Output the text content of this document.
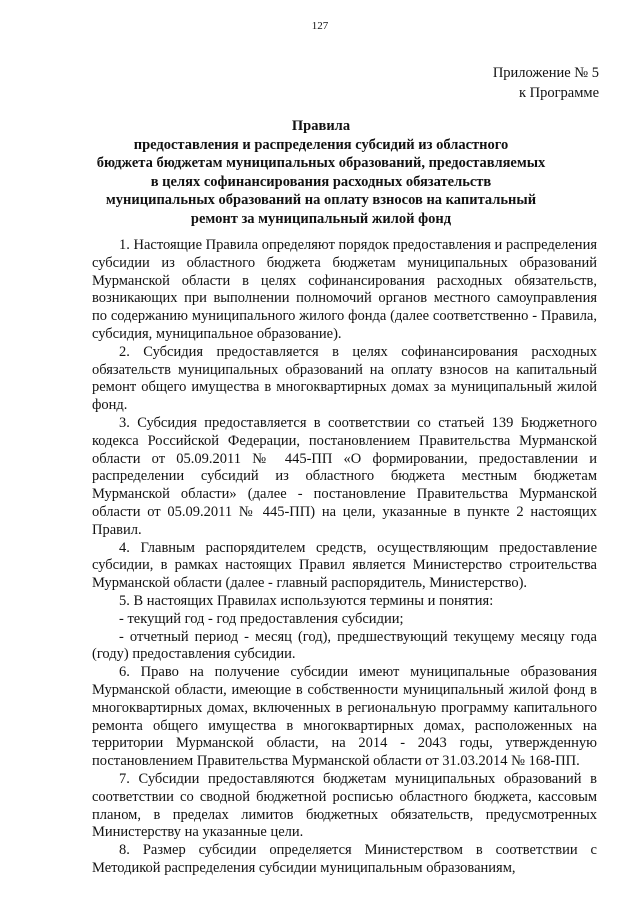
127
Приложение № 5
к Программе
Правила
предоставления и распределения субсидий из областного
бюджета бюджетам муниципальных образований, предоставляемых
в целях софинансирования расходных обязательств
муниципальных образований на оплату взносов на капитальный
ремонт за муниципальный жилой фонд

1. Настоящие Правила определяют порядок предоставления и распределения субсидии из областного бюджета бюджетам муниципальных образований Мурманской области в целях софинансирования расходных обязательств, возникающих при выполнении полномочий органов местного самоуправления по содержанию муниципального жилого фонда (далее соответственно - Правила, субсидия, муниципальное образование).

2. Субсидия предоставляется в целях софинансирования расходных обязательств муниципальных образований на оплату взносов на капитальный ремонт общего имущества в многоквартирных домах за муниципальный жилой фонд.

3. Субсидия предоставляется в соответствии со статьей 139 Бюджетного кодекса Российской Федерации, постановлением Правительства Мурманской области от 05.09.2011 № 445-ПП «О формировании, предоставлении и распределении субсидий из областного бюджета местным бюджетам Мурманской области» (далее - постановление Правительства Мурманской области от 05.09.2011 № 445-ПП) на цели, указанные в пункте 2 настоящих Правил.

4. Главным распорядителем средств, осуществляющим предоставление субсидии, в рамках настоящих Правил является Министерство строительства Мурманской области (далее - главный распорядитель, Министерство).

5. В настоящих Правилах используются термины и понятия:

- текущий год - год предоставления субсидии;

- отчетный период - месяц (год), предшествующий текущему месяцу года (году) предоставления субсидии.

6. Право на получение субсидии имеют муниципальные образования Мурманской области, имеющие в собственности муниципальный жилой фонд в многоквартирных домах, включенных в региональную программу капитального ремонта общего имущества в многоквартирных домах, расположенных на территории Мурманской области, на 2014 - 2043 годы, утвержденную постановлением Правительства Мурманской области от 31.03.2014 № 168-ПП.

7. Субсидии предоставляются бюджетам муниципальных образований в соответствии со сводной бюджетной росписью областного бюджета, кассовым планом, в пределах лимитов бюджетных обязательств, предусмотренных Министерству на указанные цели.

8. Размер субсидии определяется Министерством в соответствии с Методикой распределения субсидии муниципальным образованиям,
